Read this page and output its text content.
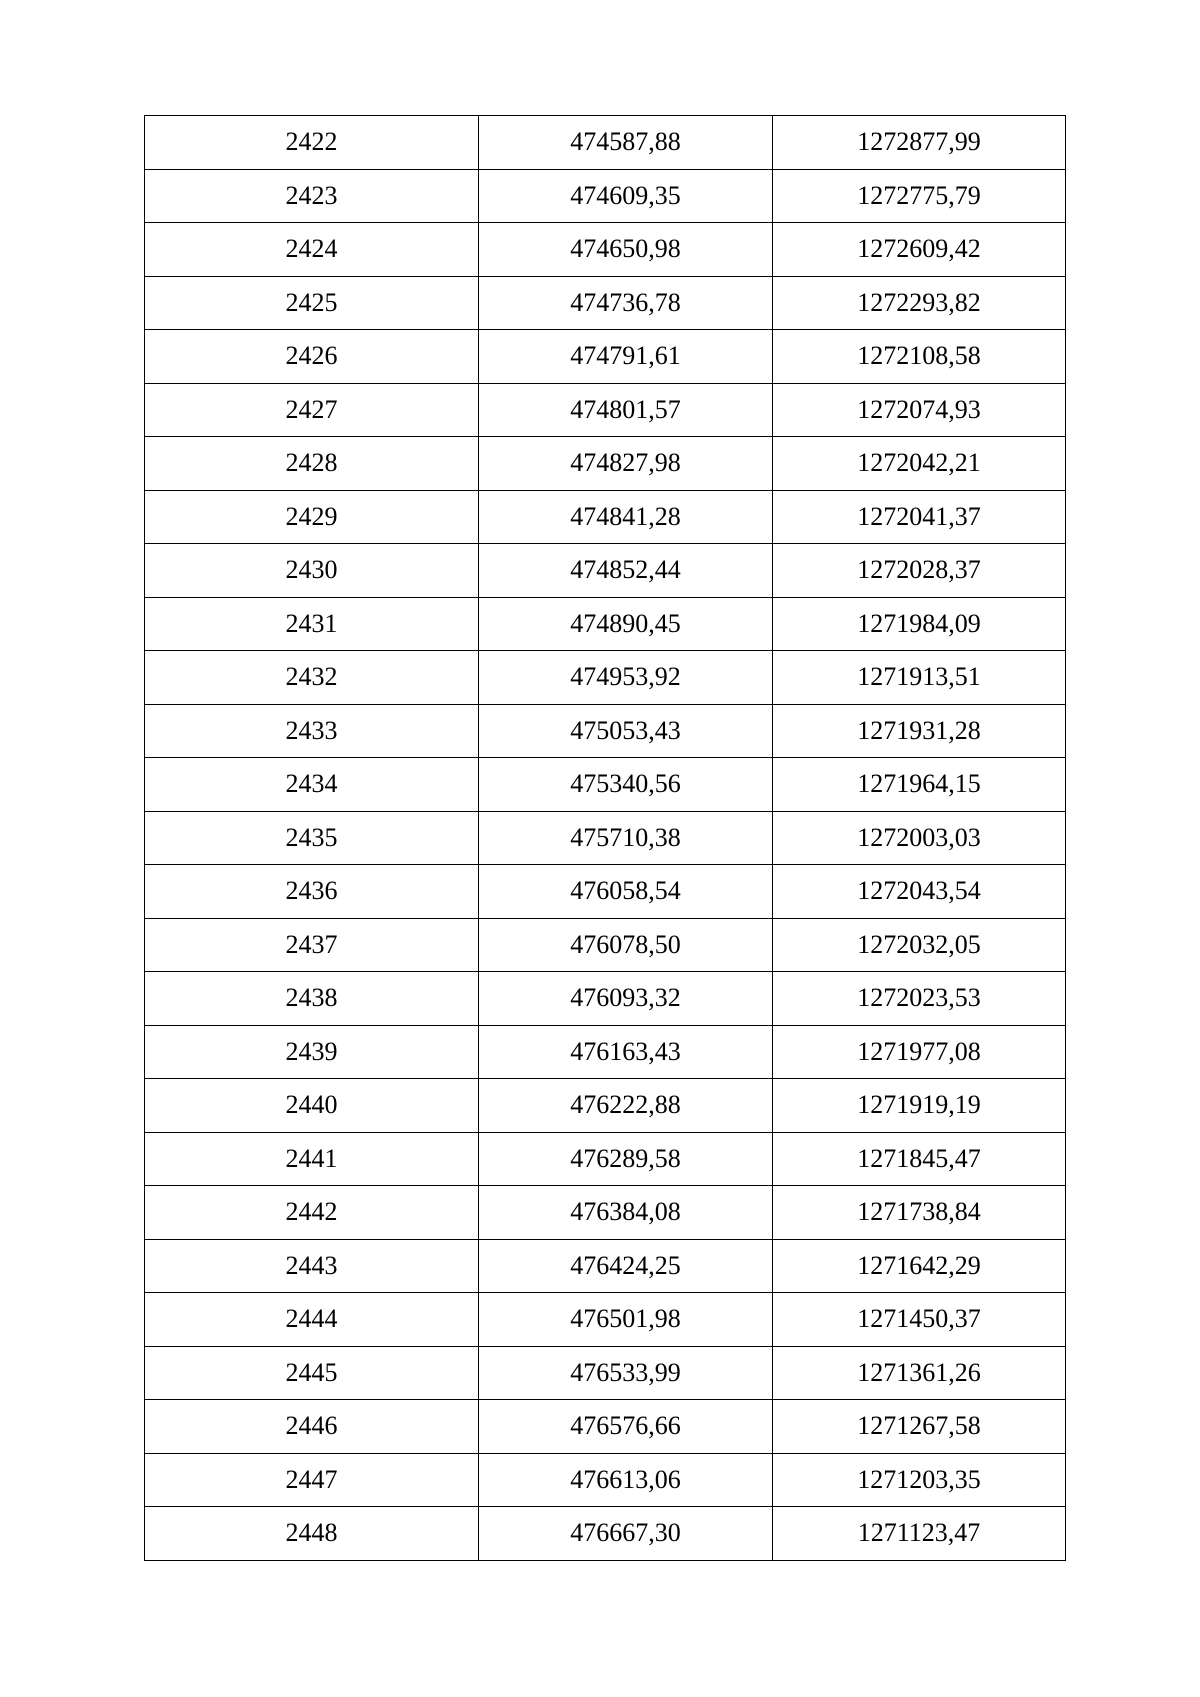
2422	474587,88	1272877,99
2423	474609,35	1272775,79
2424	474650,98	1272609,42
2425	474736,78	1272293,82
2426	474791,61	1272108,58
2427	474801,57	1272074,93
2428	474827,98	1272042,21
2429	474841,28	1272041,37
2430	474852,44	1272028,37
2431	474890,45	1271984,09
2432	474953,92	1271913,51
2433	475053,43	1271931,28
2434	475340,56	1271964,15
2435	475710,38	1272003,03
2436	476058,54	1272043,54
2437	476078,50	1272032,05
2438	476093,32	1272023,53
2439	476163,43	1271977,08
2440	476222,88	1271919,19
2441	476289,58	1271845,47
2442	476384,08	1271738,84
2443	476424,25	1271642,29
2444	476501,98	1271450,37
2445	476533,99	1271361,26
2446	476576,66	1271267,58
2447	476613,06	1271203,35
2448	476667,30	1271123,47
